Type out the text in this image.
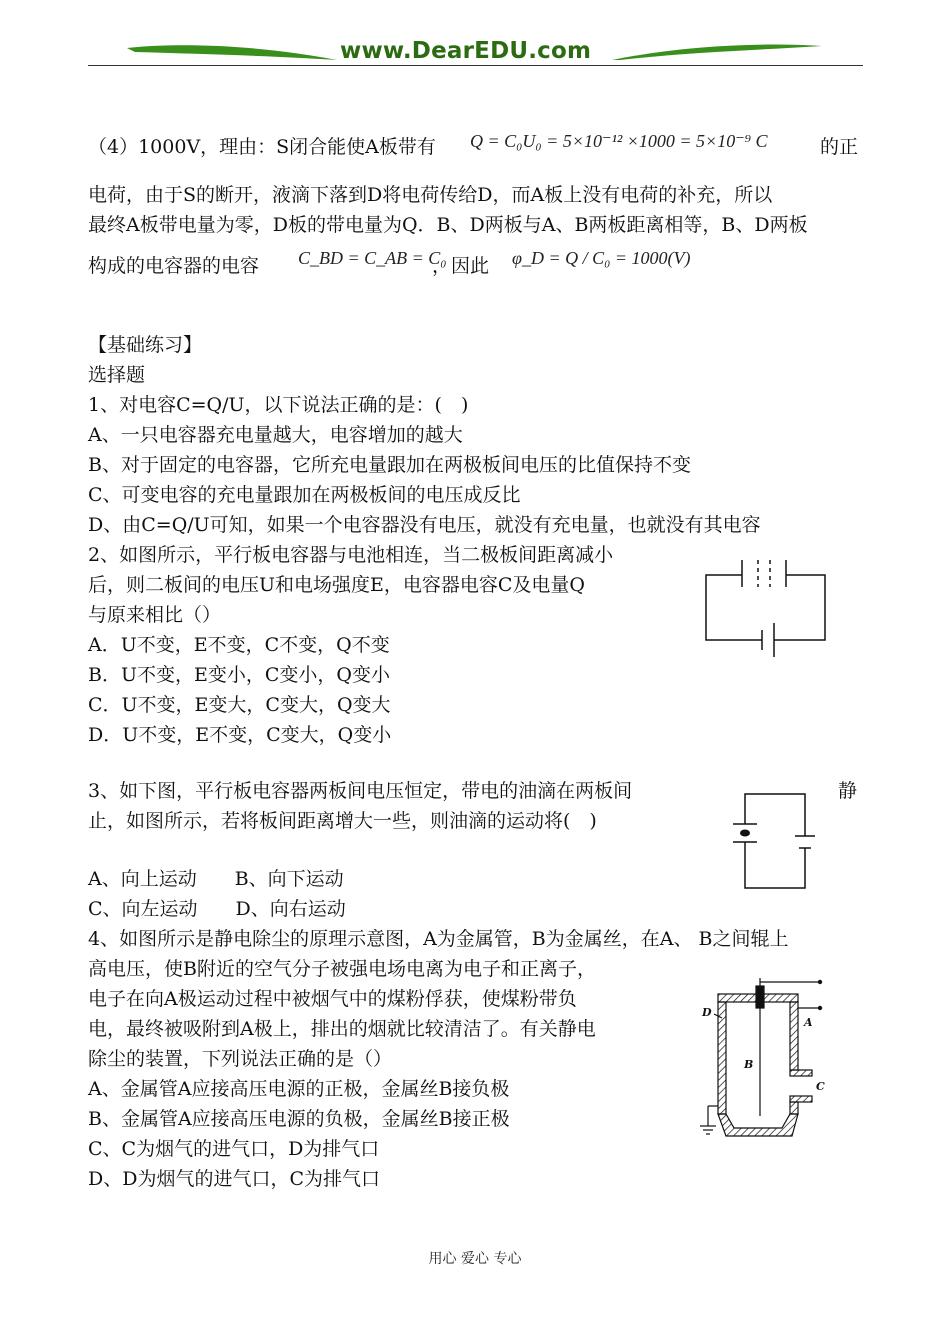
www.DearEDU.com
（4）1000V，理由：S闭合能使A板带有 Q = C₀U₀ = 5×10⁻¹² ×1000 = 5×10⁻⁹ C	的正
电荷，由于S的断开，液滴下落到D将电荷传给D，而A板上没有电荷的补充，所以
最终A板带电量为零，D板的带电量为Q．B、D两板与A、B两板距离相等，B、D两板
构成的电容器的电容 C_BD = C_AB = C₀
，因此 φ_D = Q / C₀ = 1000(V)
【基础练习】
选择题
1、对电容C=Q/U，以下说法正确的是：(　)
A、一只电容器充电量越大，电容增加的越大
B、对于固定的电容器，它所充电量跟加在两极板间电压的比值保持不变
C、可变电容的充电量跟加在两极板间的电压成反比
D、由C=Q/U可知，如果一个电容器没有电压，就没有充电量，也就没有其电容
2、如图所示，平行板电容器与电池相连，当二极板间距离减小
后，则二板间的电压U和电场强度E，电容器电容C及电量Q
与原来相比（）
A．U不变，E不变，C不变，Q不变
B．U不变，E变小，C变小，Q变小
C．U不变，E变大，C变大，Q变大
D．U不变，E不变，C变大，Q变小
3、如下图，平行板电容器两板间电压恒定，带电的油滴在两板间	静
止，如图所示，若将板间距离增大一些，则油滴的运动将(　)
A、向上运动　　B、向下运动
C、向左运动　　D、向右运动
4、如图所示是静电除尘的原理示意图，A为金属管，B为金属丝，在A、 B之间辊上
高电压，使B附近的空气分子被强电场电离为电子和正离子，
电子在向A极运动过程中被烟气中的煤粉俘获，使煤粉带负
电，最终被吸附到A极上，排出的烟就比较清洁了。有关静电
除尘的装置，下列说法正确的是（）
A、金属管A应接高压电源的正极，金属丝B接负极
B、金属管A应接高压电源的负极，金属丝B接正极
C、C为烟气的进气口，D为排气口
D、D为烟气的进气口，C为排气口
D
A
B
C
用心 爱心 专心
